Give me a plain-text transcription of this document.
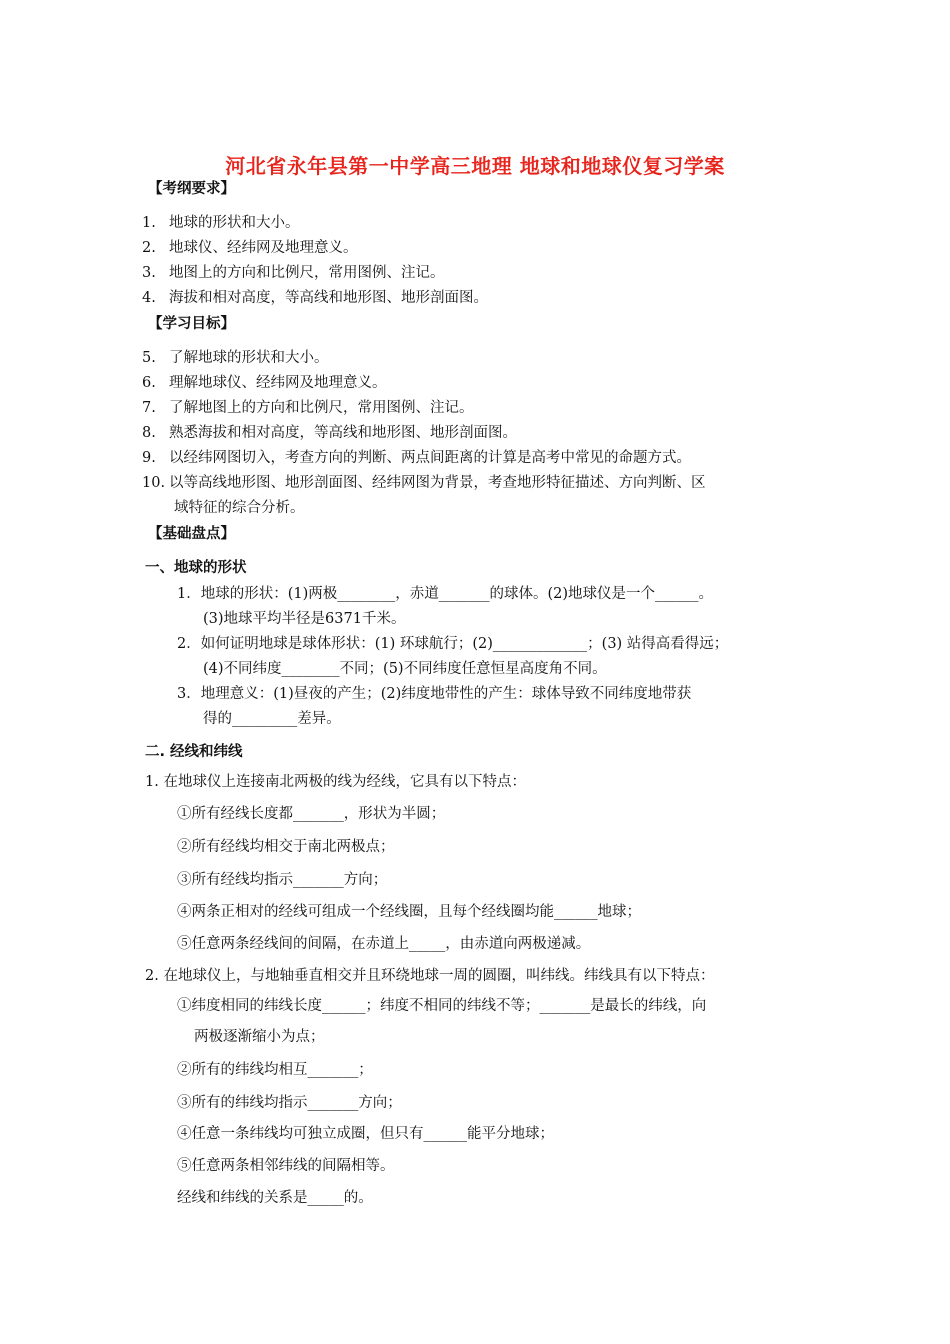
河北省永年县第一中学高三地理 地球和地球仪复习学案
【考纲要求】
1. 地球的形状和大小。
2. 地球仪、经纬网及地理意义。
3. 地图上的方向和比例尺，常用图例、注记。
4. 海拔和相对高度，等高线和地形图、地形剖面图。
【学习目标】
5. 了解地球的形状和大小。
6. 理解地球仪、经纬网及地理意义。
7. 了解地图上的方向和比例尺，常用图例、注记。
8. 熟悉海拔和相对高度，等高线和地形图、地形剖面图。
9. 以经纬网图切入，考查方向的判断、两点间距离的计算是高考中常见的命题方式。
10. 以等高线地形图、地形剖面图、经纬网图为背景，考查地形特征描述、方向判断、区
域特征的综合分析。
【基础盘点】
一、地球的形状
1．地球的形状：(1)两极________，赤道_______的球体。(2)地球仪是一个______。
(3)地球平均半径是6371千米。
2．如何证明地球是球体形状：(1) 环球航行；(2)_____________；(3) 站得高看得远；
(4)不同纬度________不同；(5)不同纬度任意恒星高度角不同。
3．地理意义：(1)昼夜的产生；(2)纬度地带性的产生：球体导致不同纬度地带获
得的_________差异。
二. 经线和纬线
1. 在地球仪上连接南北两极的线为经线，它具有以下特点：
①所有经线长度都_______，形状为半圆；
②所有经线均相交于南北两极点；
③所有经线均指示_______方向；
④两条正相对的经线可组成一个经线圈，且每个经线圈均能______地球；
⑤任意两条经线间的间隔，在赤道上_____，由赤道向两极递减。
2. 在地球仪上，与地轴垂直相交并且环绕地球一周的圆圈，叫纬线。纬线具有以下特点：
①纬度相同的纬线长度______；纬度不相同的纬线不等；_______是最长的纬线，向
两极逐渐缩小为点；
②所有的纬线均相互_______；
③所有的纬线均指示_______方向；
④任意一条纬线均可独立成圈，但只有______能平分地球；
⑤任意两条相邻纬线的间隔相等。
经线和纬线的关系是_____的。
